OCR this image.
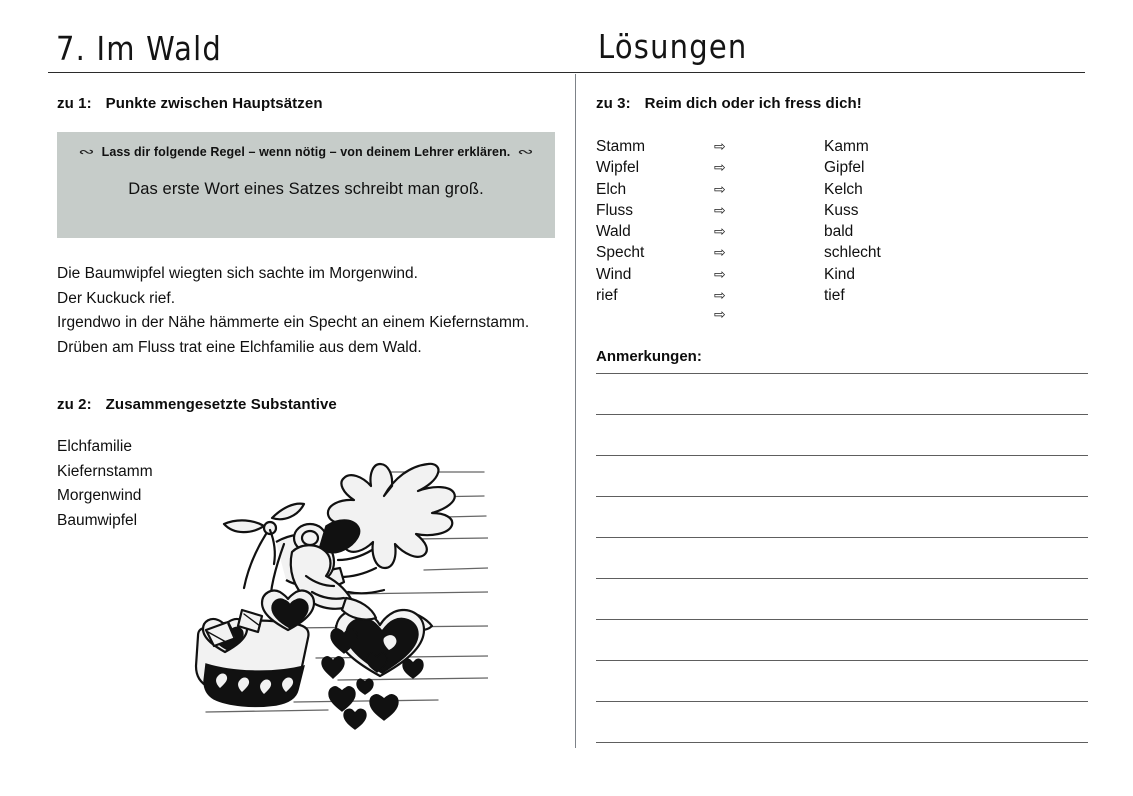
7. Im Wald	Lösungen
zu 1: Punkte zwischen Hauptsätzen
∾ Lass dir folgende Regel – wenn nötig – von deinem Lehrer erklären. ∾
Das erste Wort eines Satzes schreibt man groß.
Die Baumwipfel wiegten sich sachte im Morgenwind.
Der Kuckuck rief.
Irgendwo in der Nähe hämmerte ein Specht an einem Kiefernstamm.
Drüben am Fluss trat eine Elchfamilie aus dem Wald.
zu 2: Zusammengesetzte Substantive
Elchfamilie
Kiefernstamm
Morgenwind
Baumwipfel
zu 3: Reim dich oder ich fress dich!
Stamm	⇨	Kamm
Wipfel	⇨	Gipfel
Elch	⇨	Kelch
Fluss	⇨	Kuss
Wald	⇨	bald
Specht	⇨	schlecht
Wind	⇨	Kind
rief	⇨	tief
⇨
Anmerkungen:
